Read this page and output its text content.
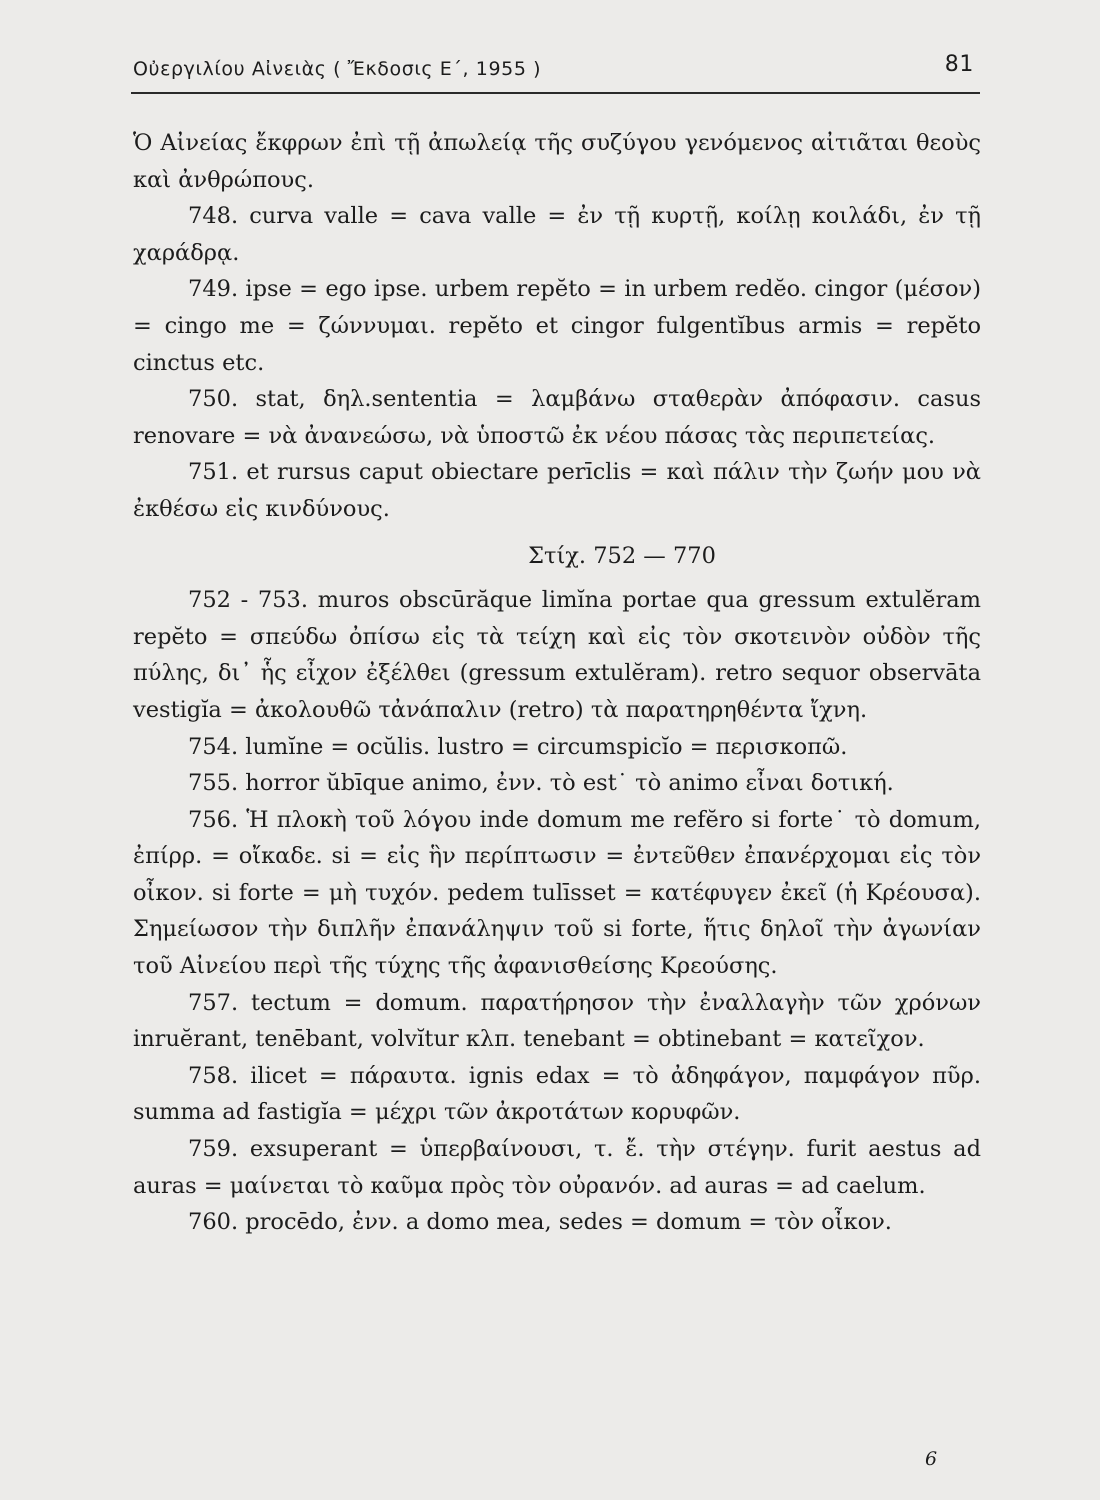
Οὐεργιλίου Αἰνειὰς ( Ἔκδοσις Ε΄, 1955 )	81

Ὁ Αἰνείας ἔκφρων ἐπὶ τῇ ἀπωλείᾳ τῆς συζύγου γενόμενος αἰτιᾶται θεοὺς καὶ ἀνθρώπους.

748. curva valle = cava valle = ἐν τῇ κυρτῇ, κοίλῃ κοιλάδι, ἐν τῇ χαράδρᾳ.

749. ipse = ego ipse. urbem repĕto = in urbem redĕo. cingor (μέσον) = cingo me = ζώννυμαι. repĕto et cingor fulgentĭbus armis = repĕto cinctus etc.

750. stat, δηλ.sententia = λαμβάνω σταθερὰν ἀπόφασιν. casus renovare = νὰ ἀνανεώσω, νὰ ὑποστῶ ἐκ νέου πάσας τὰς περιπετείας.

751. et rursus caput obiectare perīclis = καὶ πάλιν τὴν ζωήν μου νὰ ἐκθέσω εἰς κινδύνους.

Στίχ. 752 — 770

752 - 753. muros obscūrăque limĭna portae qua gressum extulĕram repĕto = σπεύδω ὀπίσω εἰς τὰ τείχη καὶ εἰς τὸν σκοτεινὸν οὐδὸν τῆς πύλης, δι᾽ ἧς εἶχον ἐξέλθει (gressum extulĕram). retro sequor observāta vestigĭa = ἀκολουθῶ τἀνάπαλιν (retro) τὰ παρατηρηθέντα ἴχνη.

754. lumĭne = ocŭlis. lustro = circumspicĭo = περισκοπῶ.

755. horror ŭbīque animo, ἐνν. τὸ est˙ τὸ animo εἶναι δοτική.

756. Ἡ πλοκὴ τοῦ λόγου inde domum me refĕro si forte˙ τὸ domum, ἐπίρρ. = οἴκαδε. si = εἰς ἣν περίπτωσιν = ἐντεῦθεν ἐπανέρχομαι εἰς τὸν οἶκον. si forte = μὴ τυχόν. pedem tulīsset = κατέφυγεν ἐκεῖ (ἡ Κρέουσα). Σημείωσον τὴν διπλῆν ἐπανάληψιν τοῦ si forte, ἥτις δηλοῖ τὴν ἀγωνίαν τοῦ Αἰνείου περὶ τῆς τύχης τῆς ἀφανισθείσης Κρεούσης.

757. tectum = domum. παρατήρησον τὴν ἐναλλαγὴν τῶν χρόνων inruĕrant, tenēbant, volvĭtur κλπ. tenebant = obtinebant = κατεῖχον.

758. ilicet = πάραυτα. ignis edax = τὸ ἀδηφάγον, παμφάγον πῦρ. summa ad fastigĭa = μέχρι τῶν ἀκροτάτων κορυφῶν.

759. exsuperant = ὑπερβαίνουσι, τ. ἔ. τὴν στέγην. furit aestus ad auras = μαίνεται τὸ καῦμα πρὸς τὸν οὐρανόν. ad auras = ad caelum.

760. procēdo, ἐνν. a domo mea, sedes = domum = τὸν οἶκον.

6
